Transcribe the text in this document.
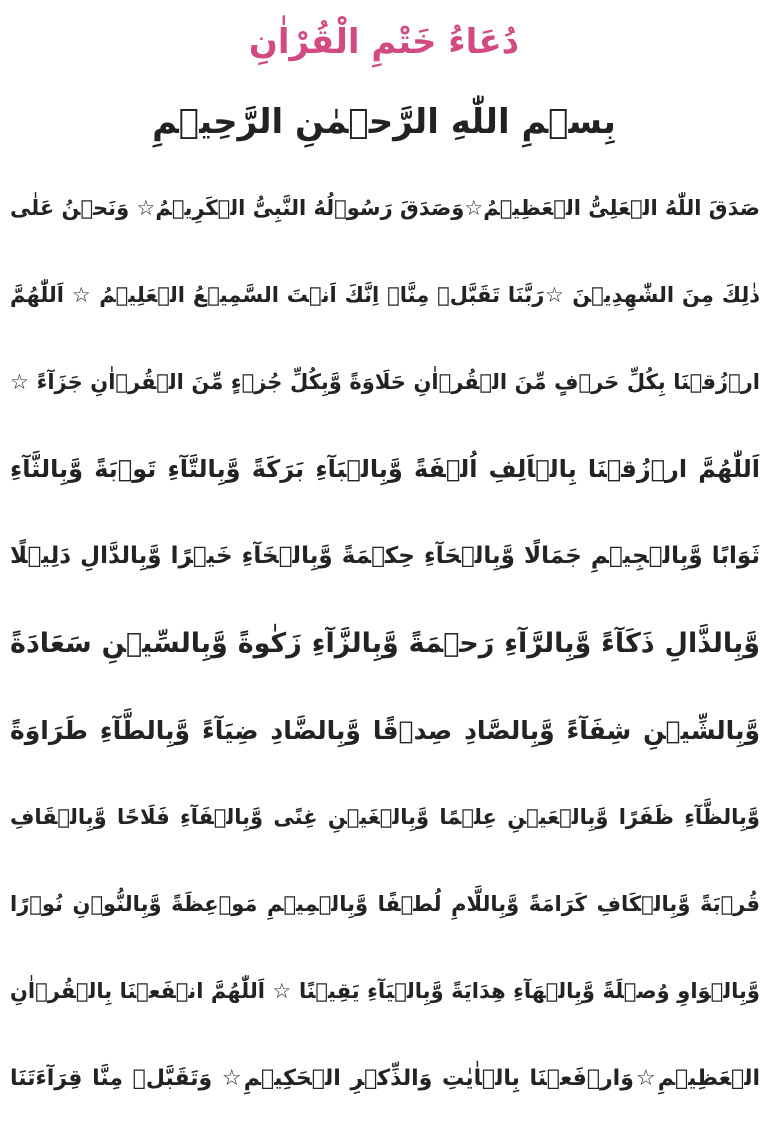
دُعَاءُ خَتْمِ الْقُرْاٰنِ
بِسۡمِ اللّٰهِ الرَّحۡمٰنِ الرَّحِيۡمِ
صَدَقَ اللّٰهُ الۡعَلِیُّ الۡعَظِیۡمُ☆وَصَدَقَ رَسُوۡلُهُ النَّبِیُّ الۡكَرِیۡمُ☆ وَنَحۡنُ عَلٰی
ذٰلِكَ مِنَ الشّٰهِدِیۡنَ ☆رَبَّنَا تَقَبَّلۡ مِنَّاۤ اِنَّكَ اَنۡتَ السَّمِیۡعُ الۡعَلِیۡمُ ☆ اَللّٰهُمَّ
ارۡزُقۡنَا بِكُلِّ حَرۡفٍ مِّنَ الۡقُرۡاٰنِ حَلَاوَةً وَّبِكُلِّ جُزۡءٍ مِّنَ الۡقُرۡاٰنِ جَزَآءً ☆
اَللّٰهُمَّ ارۡزُقۡنَا بِالۡاَلِفِ اُلۡفَةً وَّبِالۡبَآءِ بَرَكَةً وَّبِالتَّآءِ تَوۡبَةً وَّبِالثَّآءِ
ثَوَابًا وَّبِالۡجِیۡمِ جَمَالًا وَّبِالۡحَآءِ حِكۡمَةً وَّبِالۡخَآءِ خَیۡرًا وَّبِالدَّالِ دَلِیۡلًا
وَّبِالذَّالِ ذَكَآءً وَّبِالرَّآءِ رَحۡمَةً وَّبِالزَّآءِ زَكٰوةً وَّبِالسِّیۡنِ سَعَادَةً
وَّبِالشِّیۡنِ شِفَآءً وَّبِالصَّادِ صِدۡقًا وَّبِالضَّادِ ضِیَآءً وَّبِالطَّآءِ طَرَاوَةً
وَّبِالظَّآءِ ظَفَرًا وَّبِالۡعَیۡنِ عِلۡمًا وَّبِالۡغَیۡنِ غِنًی وَّبِالۡفَآءِ فَلَاحًا وَّبِالۡقَافِ
قُرۡبَةً وَّبِالۡكَافِ كَرَامَةً وَّبِاللَّامِ لُطۡفًا وَّبِالۡمِیۡمِ مَوۡعِظَةً وَّبِالنُّوۡنِ نُوۡرًا
وَّبِالۡوَاوِ وُصۡلَةً وَّبِالۡهَآءِ هِدَایَةً وَّبِالۡیَآءِ یَقِیۡنًا ☆ اَللّٰهُمَّ انۡفَعۡنَا بِالۡقُرۡاٰنِ
الۡعَظِیۡمِ☆وَارۡفَعۡنَا بِالۡاٰیٰتِ وَالذِّكۡرِ الۡحَكِیۡمِ☆ وَتَقَبَّلۡ مِنَّا قِرَآءَتَنَا
